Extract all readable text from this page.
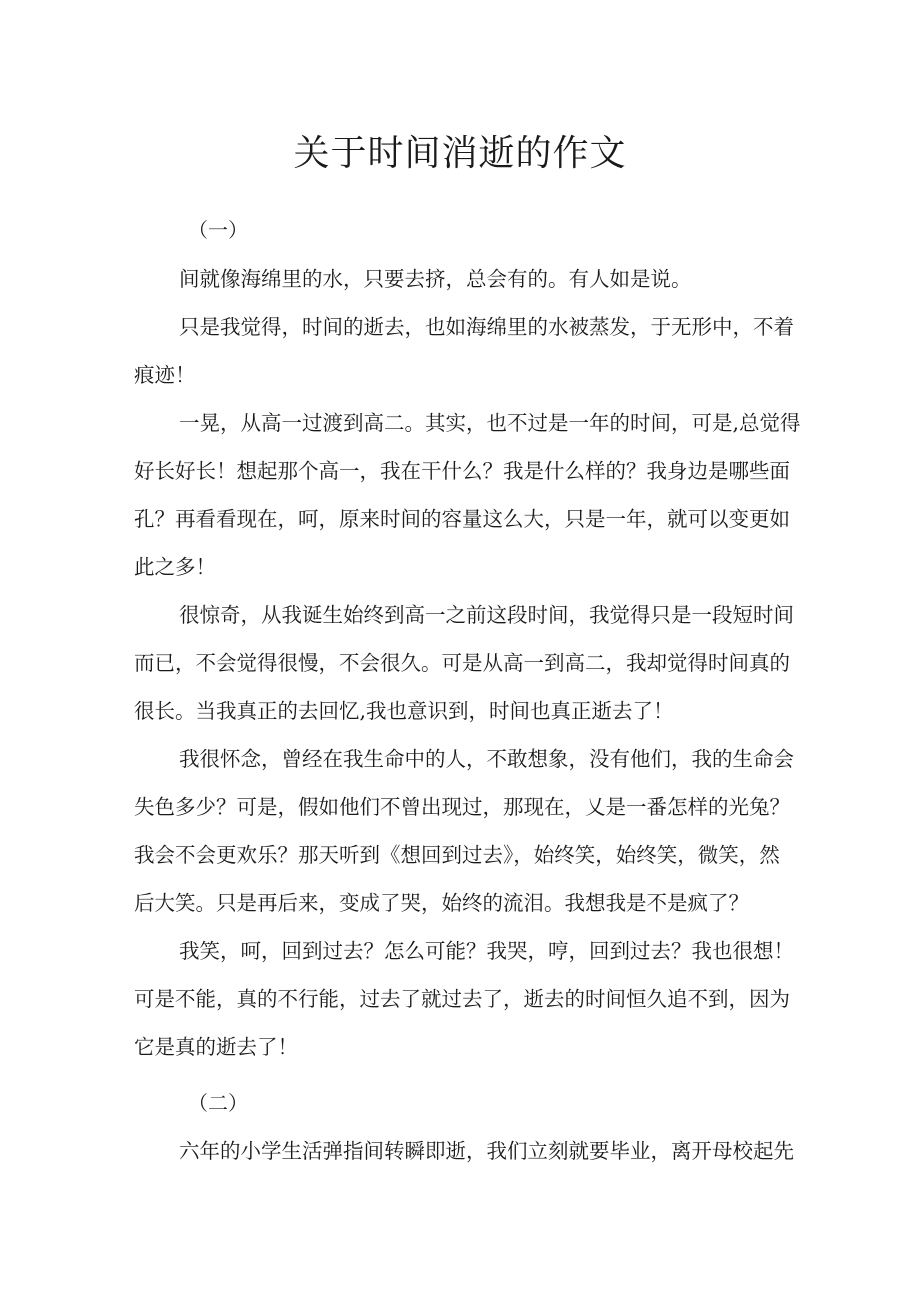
关于时间消逝的作文

（一）

间就像海绵里的水，只要去挤，总会有的。有人如是说。

只是我觉得，时间的逝去，也如海绵里的水被蒸发，于无形中，不着

痕迹！

一晃，从高一过渡到高二。其实，也不过是一年的时间，可是,总觉得

好长好长！想起那个高一，我在干什么？我是什么样的？我身边是哪些面

孔？再看看现在，呵，原来时间的容量这么大，只是一年，就可以变更如

此之多！

很惊奇，从我诞生始终到高一之前这段时间，我觉得只是一段短时间

而已，不会觉得很慢，不会很久。可是从高一到高二，我却觉得时间真的

很长。当我真正的去回忆,我也意识到，时间也真正逝去了！

我很怀念，曾经在我生命中的人，不敢想象，没有他们，我的生命会

失色多少？可是，假如他们不曾出现过，那现在，乂是一番怎样的光兔？

我会不会更欢乐？那天听到《想回到过去》，始终笑，始终笑，微笑，然

后大笑。只是再后来，变成了哭，始终的流泪。我想我是不是疯了？

我笑，呵，回到过去？怎么可能？我哭，哼，回到过去？我也很想！

可是不能，真的不行能，过去了就过去了，逝去的时间恒久追不到，因为

它是真的逝去了！

（二）

六年的小学生活弹指间转瞬即逝，我们立刻就要毕业，离开母校起先
